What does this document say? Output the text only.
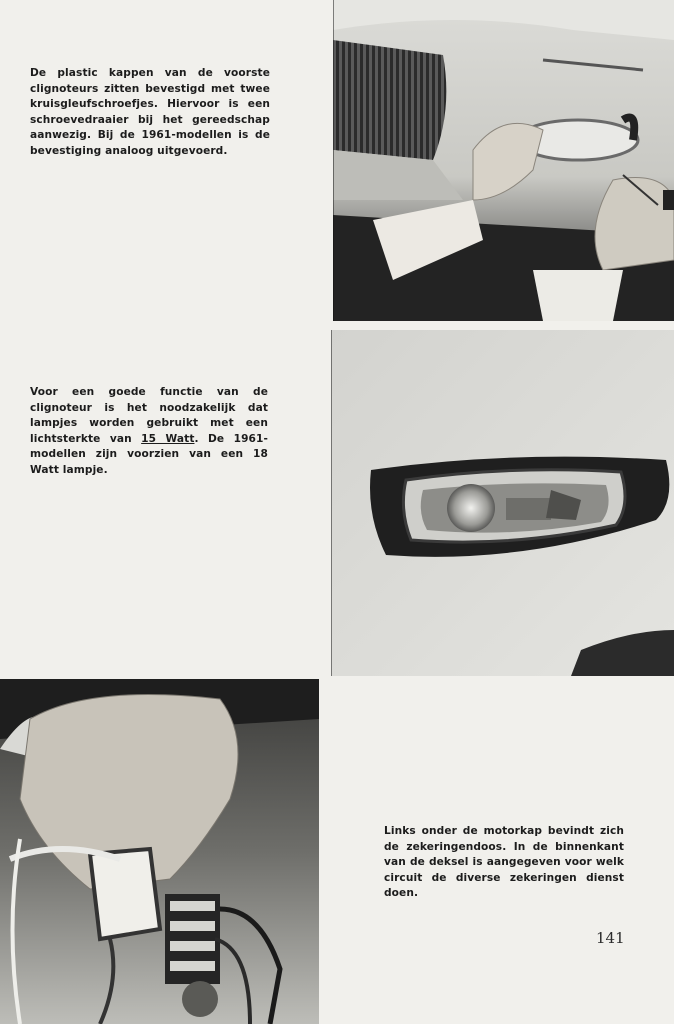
De plastic kappen van de voorste clignoteurs zitten bevestigd met twee kruisgleufschroefjes. Hiervoor is een schroevedraaier bij het gereedschap aanwezig. Bij de 1961-modellen is de bevestiging analoog uitgevoerd.
Voor een goede functie van de clignoteur is het noodzakelijk dat lampjes worden gebruikt met een lichtsterkte van 15 Watt. De 1961-modellen zijn voorzien van een 18 Watt lampje.
Links onder de motorkap bevindt zich de zekeringendoos. In de binnenkant van de deksel is aangegeven voor welk circuit de diverse zekeringen dienst doen.
141
